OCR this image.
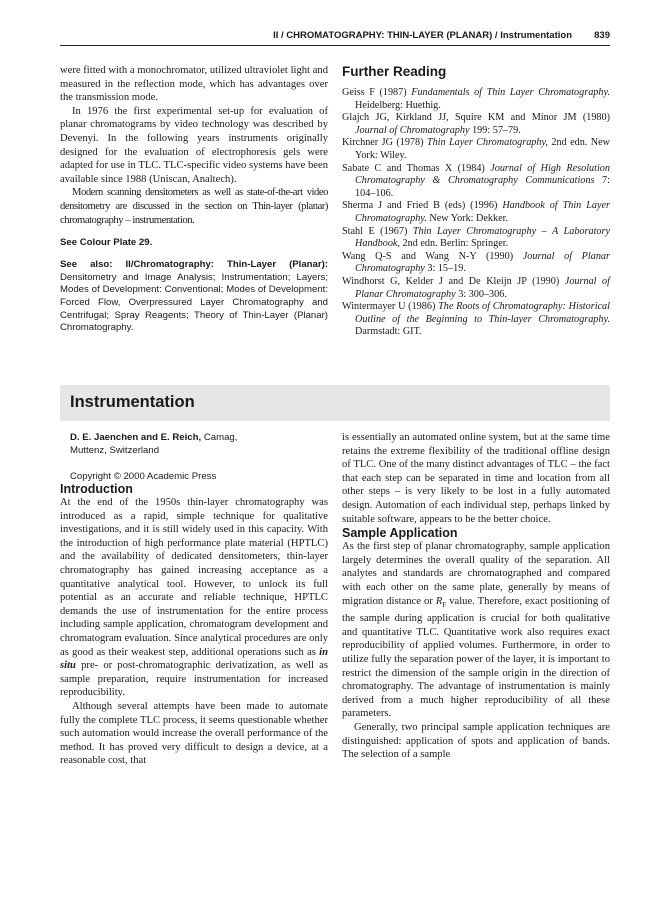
II / CHROMATOGRAPHY: THIN-LAYER (PLANAR) / Instrumentation 839

were fitted with a monochromator, utilized ultraviolet light and measured in the reflection mode, which has advantages over the transmission mode.

In 1976 the first experimental set-up for evaluation of planar chromatograms by video technology was described by Devenyi. In the following years instruments originally designed for the evaluation of electrophoresis gels were adapted for use in TLC. TLC-specific video systems have been available since 1988 (Uniscan, Analtech).

Modern scanning densitometers as well as state-of-the-art video densitometry are discussed in the section on Thin-layer (planar) chromatography – instrumentation.

See Colour Plate 29.

See also: II/Chromatography: Thin-Layer (Planar): Densitometry and Image Analysis; Instrumentation; Layers; Modes of Development: Conventional; Modes of Development: Forced Flow, Overpressured Layer Chromatography and Centrifugal; Spray Reagents; Theory of Thin-Layer (Planar) Chromatography.

Further Reading
Geiss F (1987) Fundamentals of Thin Layer Chromatography. Heidelberg: Huethig.
Glajch JG, Kirkland JJ, Squire KM and Minor JM (1980) Journal of Chromatography 199: 57–79.
Kirchner JG (1978) Thin Layer Chromatography, 2nd edn. New York: Wiley.
Sabate C and Thomas X (1984) Journal of High Resolution Chromatography & Chromatography Communications 7: 104–106.
Sherma J and Fried B (eds) (1996) Handbook of Thin Layer Chromatography. New York: Dekker.
Stahl E (1967) Thin Layer Chromatography – A Laboratory Handbook, 2nd edn. Berlin: Springer.
Wang Q-S and Wang N-Y (1990) Journal of Planar Chromatography 3: 15–19.
Windhorst G, Kelder J and De Kleijn JP (1990) Journal of Planar Chromatography 3: 300–306.
Wintermayer U (1986) The Roots of Chromatography: Historical Outline of the Beginning to Thin-layer Chromatography. Darmstadt: GIT.
Instrumentation

D. E. Jaenchen and E. Reich, Camag,
Muttenz, Switzerland

Copyright © 2000 Academic Press

Introduction

At the end of the 1950s thin-layer chromatography was introduced as a rapid, simple technique for qualitative investigations, and it is still widely used in this capacity. With the introduction of high performance plate material (HPTLC) and the availability of dedicated densitometers, thin-layer chromatography has gained increasing acceptance as a quantitative analytical tool. However, to unlock its full potential as an accurate and reliable technique, HPTLC demands the use of instrumentation for the entire process including sample application, chromatogram development and chromatogram evaluation. Since analytical procedures are only as good as their weakest step, additional operations such as in situ pre- or post-chromatographic derivatization, as well as sample preparation, require instrumentation for increased reproducibility.

Although several attempts have been made to automate fully the complete TLC process, it seems questionable whether such automation would increase the overall performance of the method. It has proved very difficult to design a device, at a reasonable cost, that

is essentially an automated online system, but at the same time retains the extreme flexibility of the traditional offline design of TLC. One of the many distinct advantages of TLC – the fact that each step can be separated in time and location from all other steps – is very likely to be lost in a fully automated design. Automation of each individual step, perhaps linked by suitable software, appears to be the better choice.

Sample Application

As the first step of planar chromatography, sample application largely determines the overall quality of the separation. All analytes and standards are chromatographed and compared with each other on the same plate, generally by means of migration distance or $R_F$ value. Therefore, exact positioning of the sample during application is crucial for both qualitative and quantitative TLC. Quantitative work also requires exact reproducibility of applied volumes. Furthermore, in order to utilize fully the separation power of the layer, it is important to restrict the dimension of the sample origin in the direction of chromatography. The advantage of instrumentation is mainly derived from a much higher reproducibility of all these parameters.

Generally, two principal sample application techniques are distinguished: application of spots and application of bands. The selection of a sample
